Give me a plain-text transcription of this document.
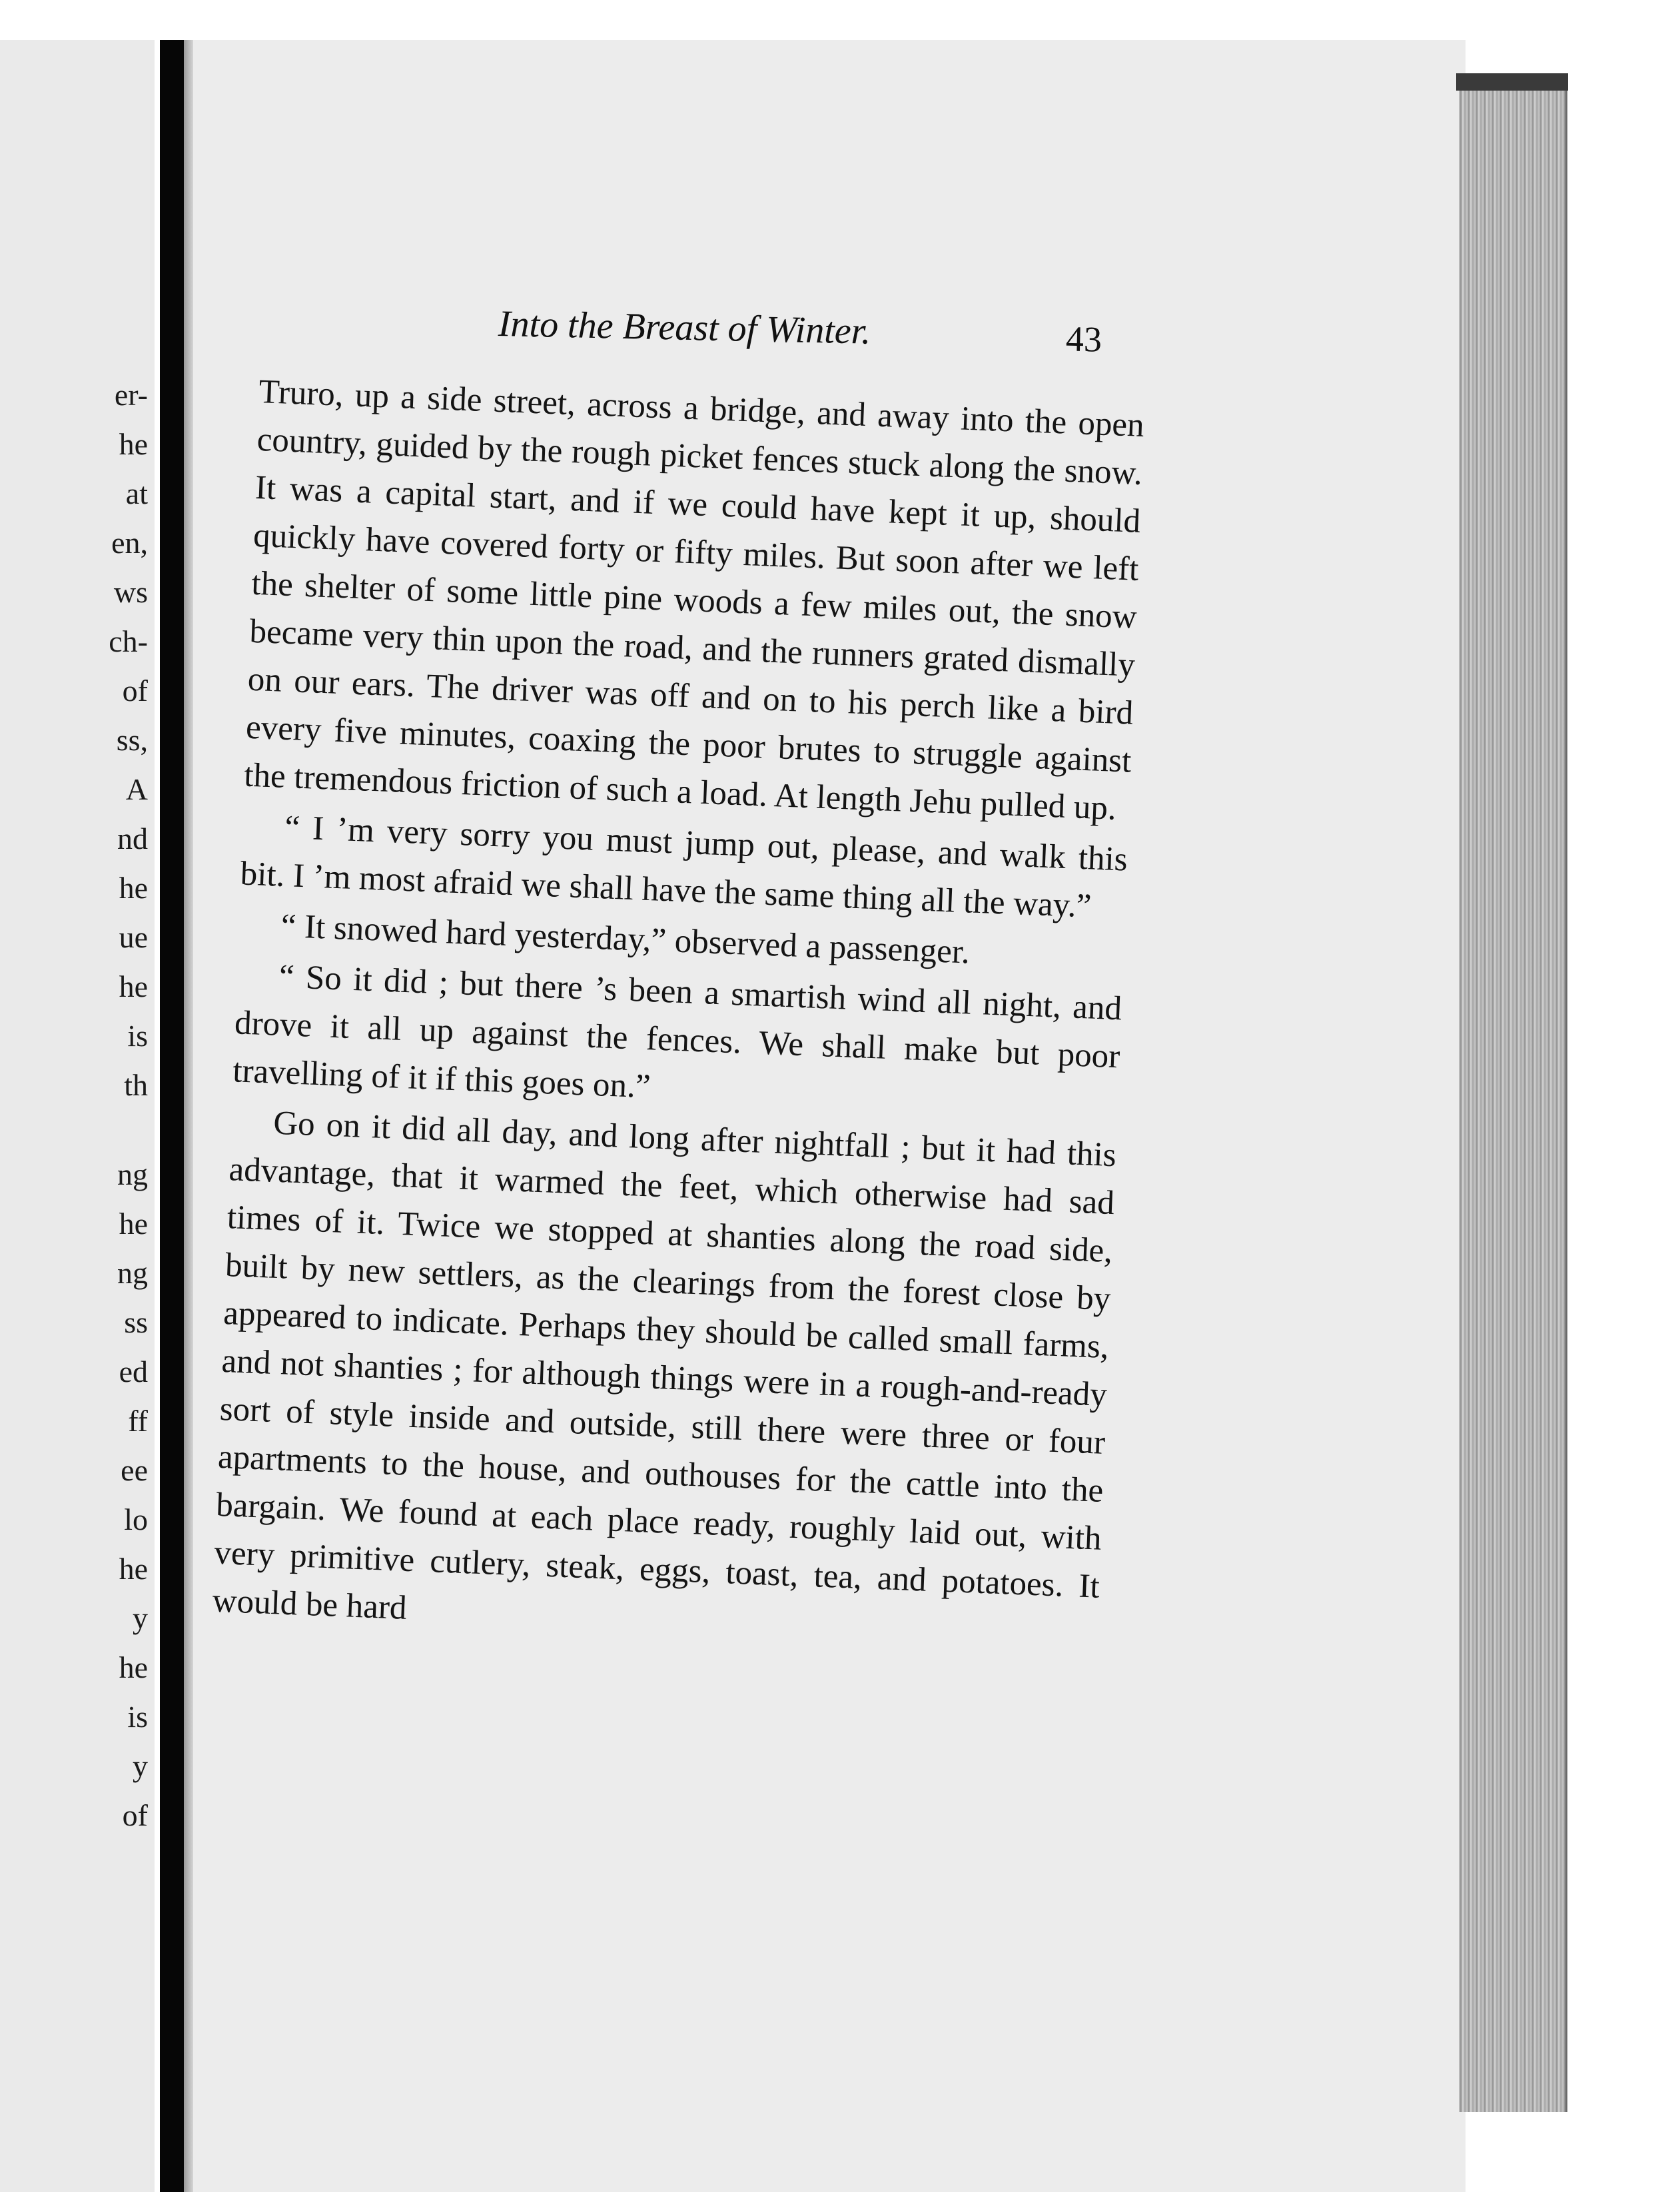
er-
he
at
en,
ws
ch-
of
ss,
A
nd
he
ue
he
is
th
ng
he
ng
ss
ed
ff
ee
lo
he
y
he
is
y
of
Into the Breast of Winter.	43

Truro, up a side street, across a bridge, and away into the open country, guided by the rough picket fences stuck along the snow. It was a capital start, and if we could have kept it up, should quickly have covered forty or fifty miles. But soon after we left the shelter of some little pine woods a few miles out, the snow became very thin upon the road, and the runners grated dismally on our ears. The driver was off and on to his perch like a bird every five minutes, coaxing the poor brutes to struggle against the tremendous friction of such a load. At length Jehu pulled up.

“ I ’m very sorry you must jump out, please, and walk this bit. I ’m most afraid we shall have the same thing all the way.”

“ It snowed hard yesterday,” observed a passenger.

“ So it did ; but there ’s been a smartish wind all night, and drove it all up against the fences. We shall make but poor travelling of it if this goes on.”

Go on it did all day, and long after nightfall ; but it had this advantage, that it warmed the feet, which otherwise had sad times of it. Twice we stopped at shanties along the road side, built by new settlers, as the clearings from the forest close by appeared to indicate. Perhaps they should be called small farms, and not shanties ; for although things were in a rough-and-ready sort of style inside and outside, still there were three or four apartments to the house, and outhouses for the cattle into the bargain. We found at each place ready, roughly laid out, with very primitive cutlery, steak, eggs, toast, tea, and potatoes. It would be hard
